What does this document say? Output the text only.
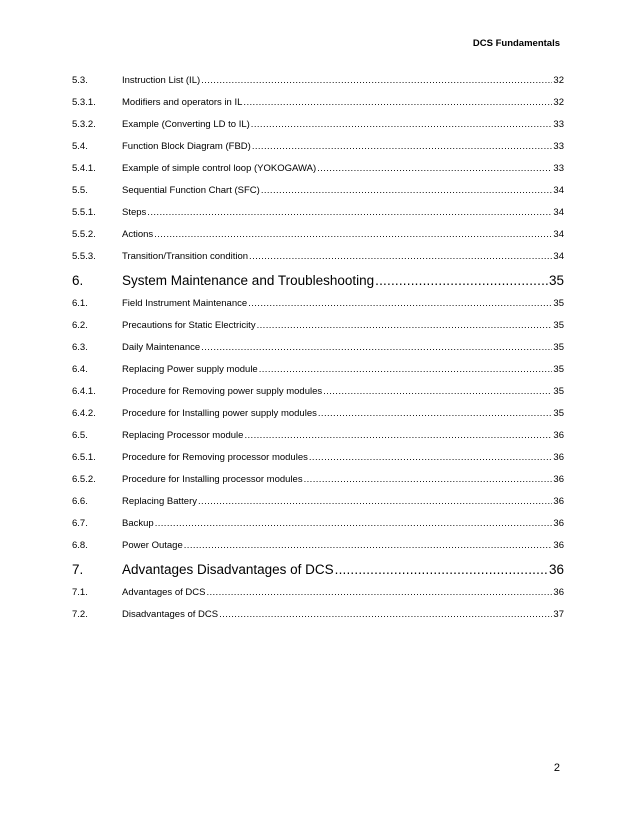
DCS Fundamentals
5.3.	Instruction List (IL) .....	32
5.3.1.	Modifiers and operators in IL .....	32
5.3.2.	Example (Converting LD to IL) .....	33
5.4.	Function Block Diagram (FBD) .....	33
5.4.1.	Example of simple control loop (YOKOGAWA) .....	33
5.5.	Sequential Function Chart (SFC) .....	34
5.5.1.	Steps .....	34
5.5.2.	Actions .....	34
5.5.3.	Transition/Transition condition .....	34
6.	System Maintenance and Troubleshooting .....	35
6.1.	Field Instrument Maintenance .....	35
6.2.	Precautions for Static Electricity .....	35
6.3.	Daily Maintenance .....	35
6.4.	Replacing Power supply module .....	35
6.4.1.	Procedure for Removing power supply modules .....	35
6.4.2.	Procedure for Installing power supply modules .....	35
6.5.	Replacing Processor module .....	36
6.5.1.	Procedure for Removing processor modules .....	36
6.5.2.	Procedure for Installing processor modules .....	36
6.6.	Replacing Battery .....	36
6.7.	Backup .....	36
6.8.	Power Outage .....	36
7.	Advantages Disadvantages of DCS .....	36
7.1.	Advantages of DCS .....	36
7.2.	Disadvantages of DCS .....	37
2
